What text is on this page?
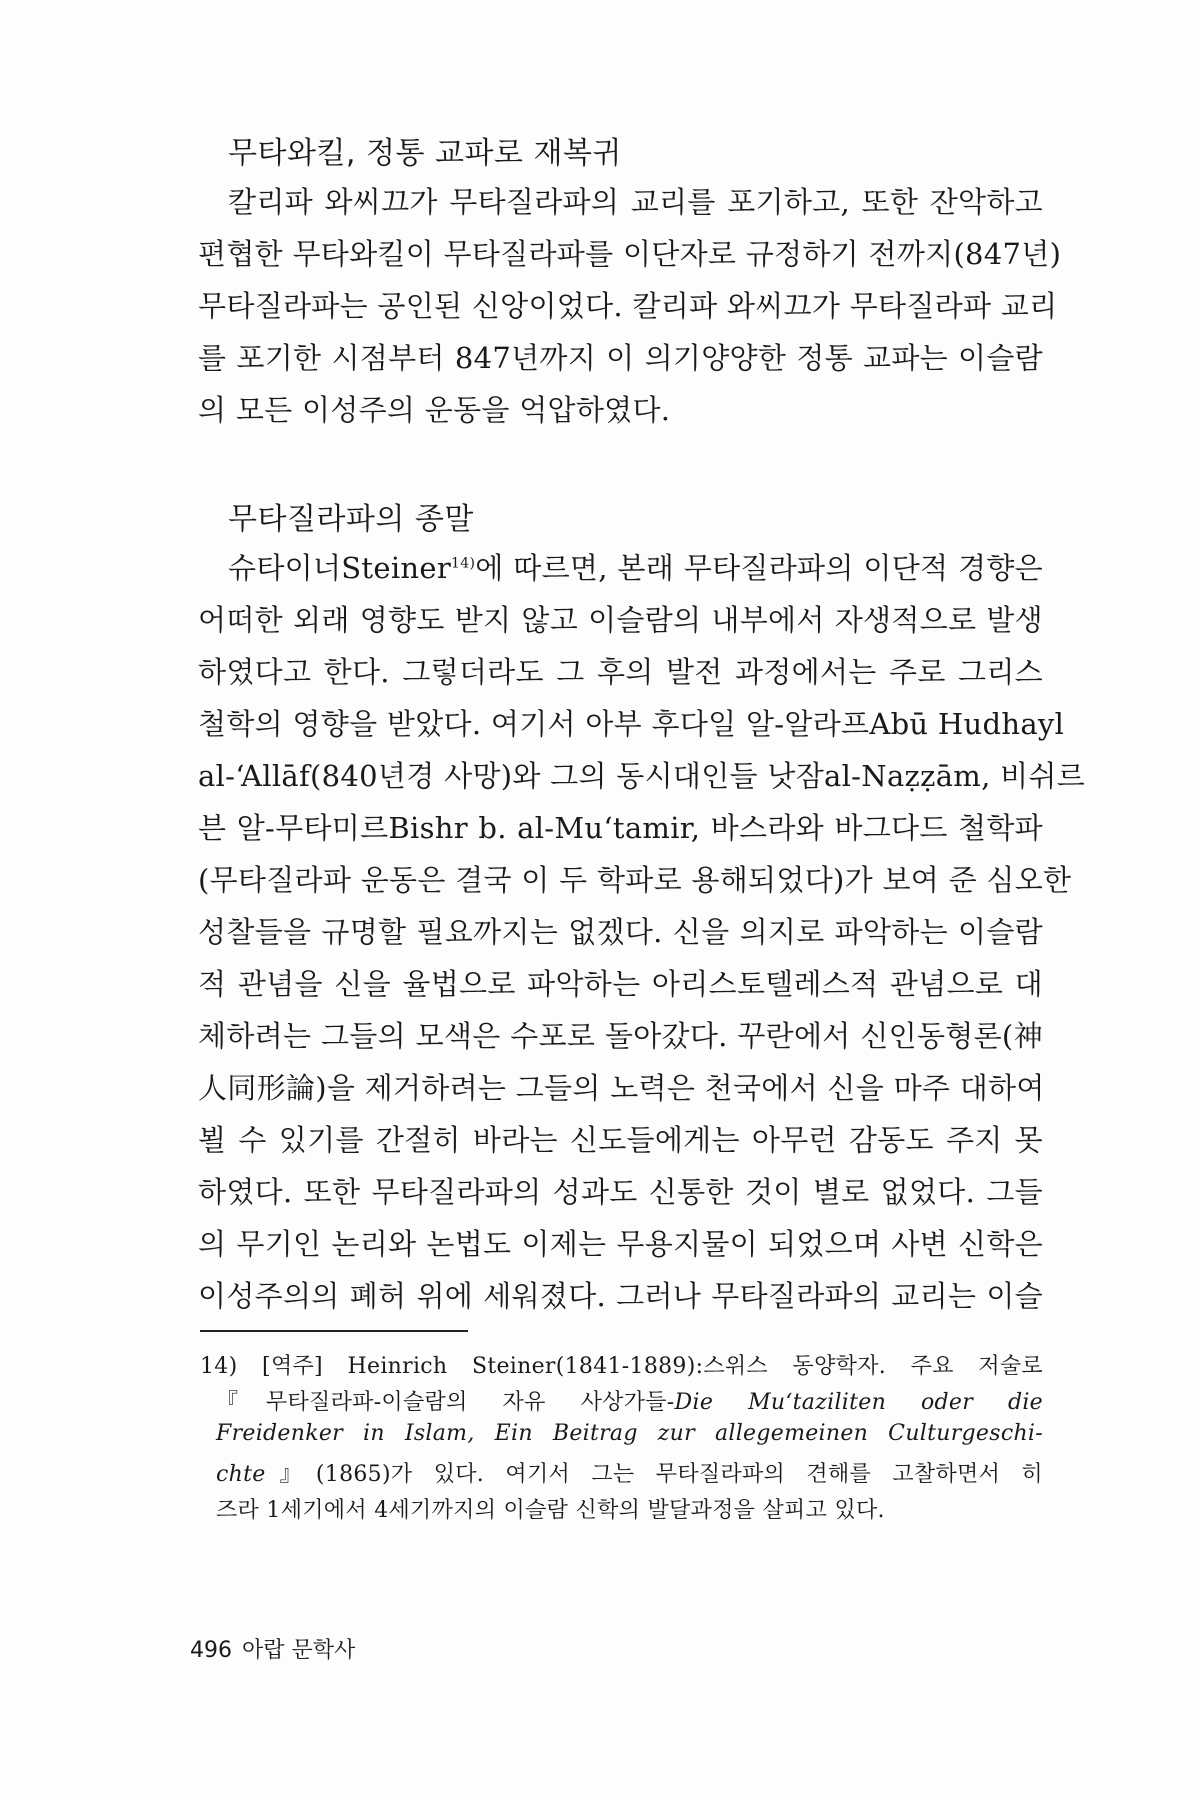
무타와킬, 정통 교파로 재복귀
칼리파 와씨끄가 무타질라파의 교리를 포기하고, 또한 잔악하고
편협한 무타와킬이 무타질라파를 이단자로 규정하기 전까지(847년)
무타질라파는 공인된 신앙이었다. 칼리파 와씨끄가 무타질라파 교리
를 포기한 시점부터 847년까지 이 의기양양한 정통 교파는 이슬람
의 모든 이성주의 운동을 억압하였다.
무타질라파의 종말
슈타이너Steiner$^{14)}$에 따르면, 본래 무타질라파의 이단적 경향은
어떠한 외래 영향도 받지 않고 이슬람의 내부에서 자생적으로 발생
하였다고 한다. 그렇더라도 그 후의 발전 과정에서는 주로 그리스
철학의 영향을 받았다. 여기서 아부 후다일 알-알라프Abū Hudhayl
al-ʻAllāf(840년경 사망)와 그의 동시대인들 낫잠al-Naẓẓām, 비쉬르
븐 알-무타미르Bishr b. al-Muʻtamir, 바스라와 바그다드 철학파
(무타질라파 운동은 결국 이 두 학파로 용해되었다)가 보여 준 심오한
성찰들을 규명할 필요까지는 없겠다. 신을 의지로 파악하는 이슬람
적 관념을 신을 율법으로 파악하는 아리스토텔레스적 관념으로 대
체하려는 그들의 모색은 수포로 돌아갔다. 꾸란에서 신인동형론(神
人同形論)을 제거하려는 그들의 노력은 천국에서 신을 마주 대하여
뵐 수 있기를 간절히 바라는 신도들에게는 아무런 감동도 주지 못
하였다. 또한 무타질라파의 성과도 신통한 것이 별로 없었다. 그들
의 무기인 논리와 논법도 이제는 무용지물이 되었으며 사변 신학은
이성주의의 폐허 위에 세워졌다. 그러나 무타질라파의 교리는 이슬
14) [역주] Heinrich Steiner(1841-1889):스위스 동양학자. 주요 저술로
『무타질라파-이슬람의 자유 사상가들-Die Muʻtaziliten oder die
Freidenker in Islam, Ein Beitrag zur allegemeinen Culturgeschi-
chte』(1865)가 있다. 여기서 그는 무타질라파의 견해를 고찰하면서 히
즈라 1세기에서 4세기까지의 이슬람 신학의 발달과정을 살피고 있다.
496 아랍 문학사
